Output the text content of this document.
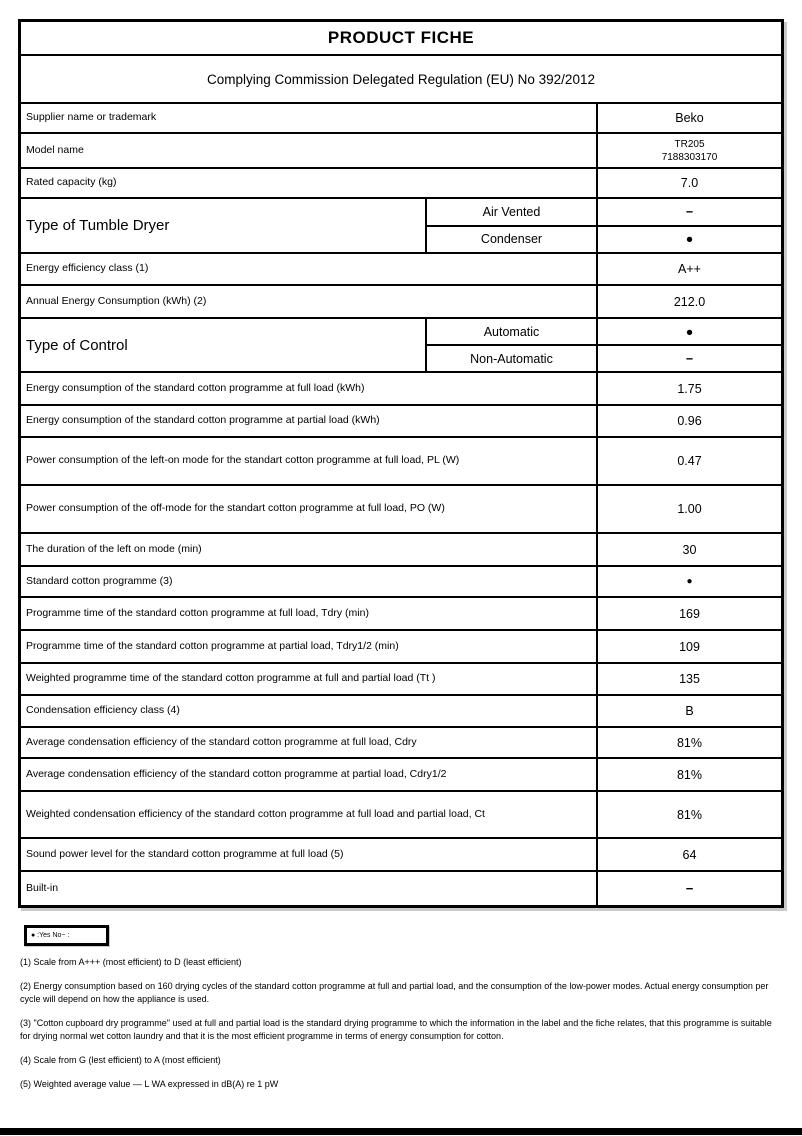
PRODUCT FICHE
Complying Commission Delegated Regulation (EU) No 392/2012
Supplier name or trademark	Beko
Model name	TR205
7188303170
Rated capacity (kg)	7.0
Type of Tumble Dryer
Air Vented	−
Condenser	●
Energy efficiency class (1)	A++
Annual Energy Consumption (kWh) (2)	212.0
Type of Control
Automatic	●
Non-Automatic	−
Energy consumption of the standard cotton programme at full load (kWh)	1.75
Energy consumption of the standard cotton programme at partial load (kWh)	0.96
Power consumption of the left-on mode for the standart cotton programme at full load, PL (W)	0.47
Power consumption of the off-mode for the standart cotton programme at full load, PO (W)	1.00
The duration of the left on mode (min)	30
Standard cotton programme (3)	●
Programme time of the standard cotton programme at full load, Tdry (min)	169
Programme time of the standard cotton programme at partial load, Tdry1/2 (min)	109
Weighted programme time of the standard cotton programme at full and partial load (Tt )	135
Condensation efficiency class (4)	B
Average condensation efficiency of the standard cotton programme at full load, Cdry	81%
Average condensation efficiency of the standard cotton programme at partial load, Cdry1/2	81%
Weighted condensation efficiency of the standard cotton programme at full load and partial load, Ct	81%
Sound power level for the standard cotton programme at full load (5)	64
Built-in	−
● :Yes No− :

(1) Scale from A+++ (most efficient) to D (least efficient)

(2) Energy consumption based on 160 drying cycles of the standard cotton programme at full and partial load, and the consumption of the low-power modes. Actual energy consumption per cycle will depend on how the appliance is used.

(3) "Cotton cupboard dry programme" used at full and partial load is the standard drying programme to which the information in the label and the fiche relates, that this programme is suitable for drying normal wet cotton laundry and that it is the most efficient programme in terms of energy consumption for cotton.

(4) Scale from G (lest efficient) to A (most efficient)

(5) Weighted average value — L WA expressed in dB(A) re 1 pW
